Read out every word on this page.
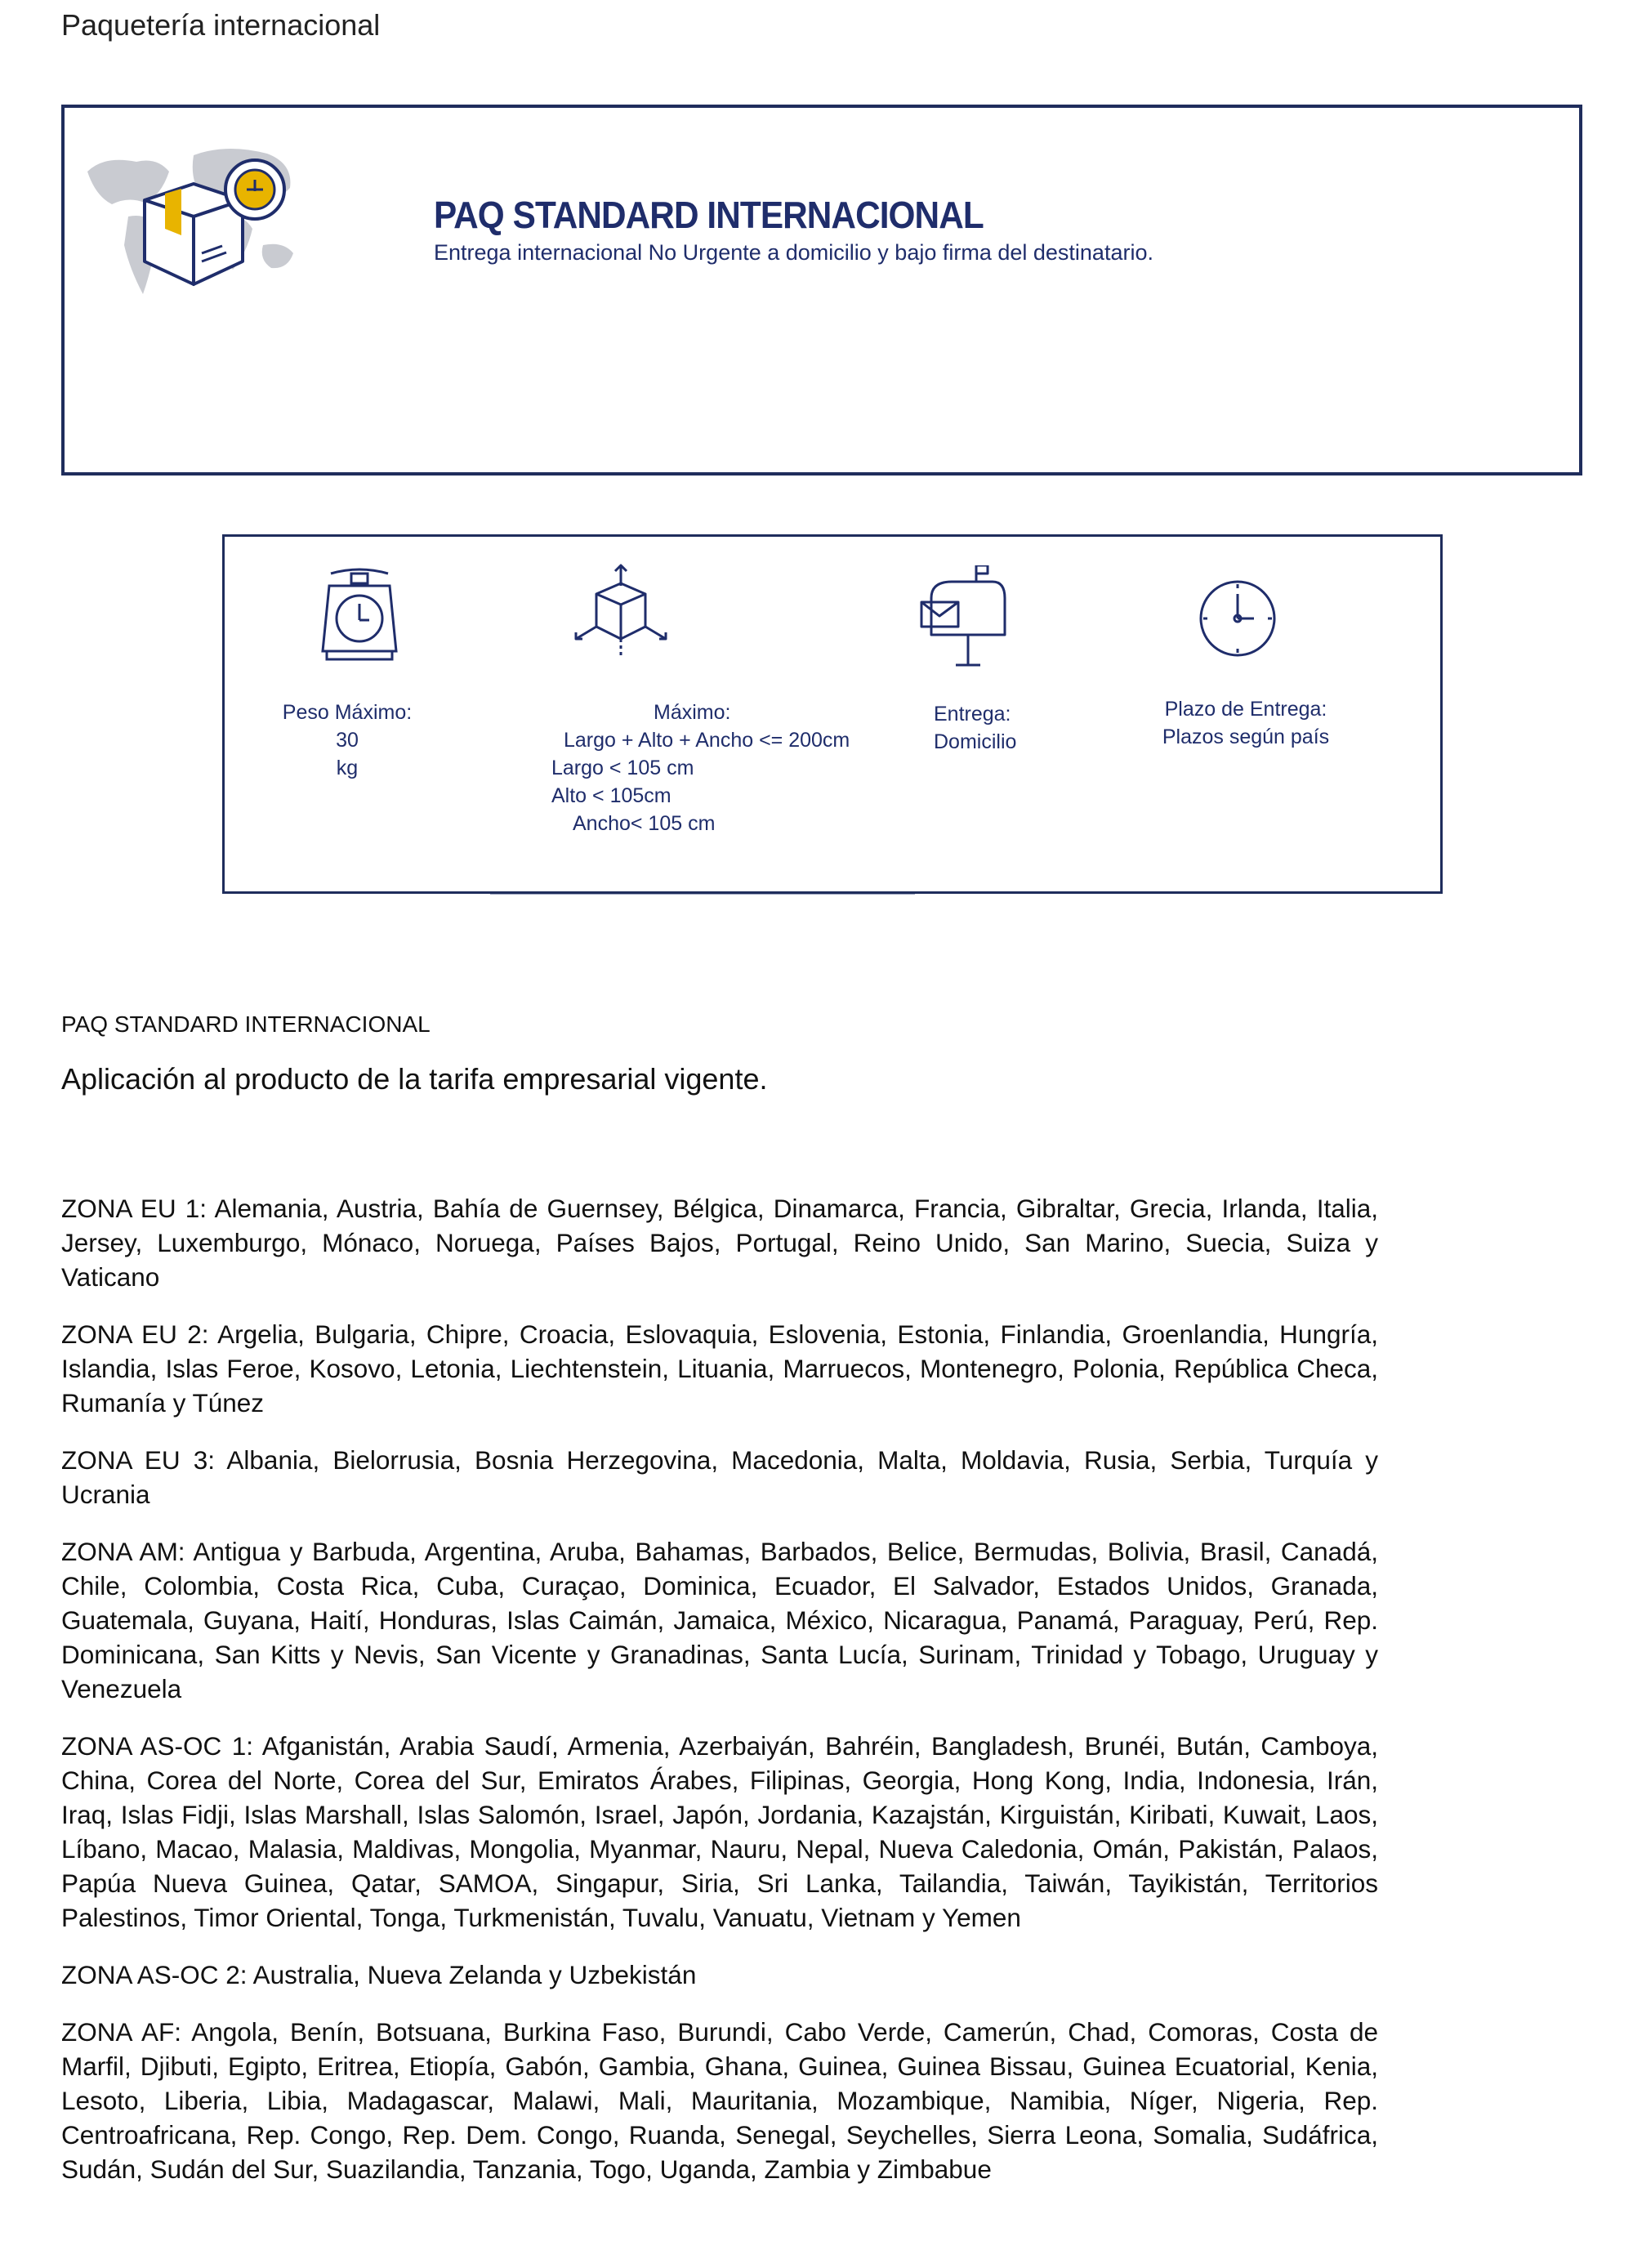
Paquetería internacional
PAQ STANDARD INTERNACIONAL
Entrega internacional No Urgente a domicilio y bajo firma del destinatario.
Peso Máximo: 30
kg
Máximo:
Largo + Alto + Ancho <= 200cm
Largo < 105 cm
Alto < 105cm
Ancho< 105 cm
Entrega:
Domicilio
Plazo de Entrega:
Plazos según país
PAQ STANDARD INTERNACIONAL
Aplicación al producto de la tarifa empresarial vigente.

ZONA EU 1: Alemania, Austria, Bahía de Guernsey, Bélgica, Dinamarca, Francia, Gibraltar, Grecia, Irlanda, Italia, Jersey, Luxemburgo, Mónaco, Noruega, Países Bajos, Portugal, Reino Unido, San Marino, Suecia, Suiza y Vaticano

ZONA EU 2: Argelia, Bulgaria, Chipre, Croacia, Eslovaquia, Eslovenia, Estonia, Finlandia, Groenlandia, Hungría, Islandia, Islas Feroe, Kosovo, Letonia, Liechtenstein, Lituania, Marruecos, Montenegro, Polonia, República Checa, Rumanía y Túnez

ZONA EU 3: Albania, Bielorrusia, Bosnia Herzegovina, Macedonia, Malta, Moldavia, Rusia, Serbia, Turquía y Ucrania

ZONA AM: Antigua y Barbuda, Argentina, Aruba, Bahamas, Barbados, Belice, Bermudas, Bolivia, Brasil, Canadá, Chile, Colombia, Costa Rica, Cuba, Curaçao, Dominica, Ecuador, El Salvador, Estados Unidos, Granada, Guatemala, Guyana, Haití, Honduras, Islas Caimán, Jamaica, México, Nicaragua, Panamá, Paraguay, Perú, Rep. Dominicana, San Kitts y Nevis, San Vicente y Granadinas, Santa Lucía, Surinam, Trinidad y Tobago, Uruguay y Venezuela

ZONA AS-OC 1: Afganistán, Arabia Saudí, Armenia, Azerbaiyán, Bahréin, Bangladesh, Brunéi, Bután, Camboya, China, Corea del Norte, Corea del Sur, Emiratos Árabes, Filipinas, Georgia, Hong Kong, India, Indonesia, Irán, Iraq, Islas Fidji, Islas Marshall, Islas Salomón, Israel, Japón, Jordania, Kazajstán, Kirguistán, Kiribati, Kuwait, Laos, Líbano, Macao, Malasia, Maldivas, Mongolia, Myanmar, Nauru, Nepal, Nueva Caledonia, Omán, Pakistán, Palaos, Papúa Nueva Guinea, Qatar, SAMOA, Singapur, Siria, Sri Lanka, Tailandia, Taiwán, Tayikistán, Territorios Palestinos, Timor Oriental, Tonga, Turkmenistán, Tuvalu, Vanuatu, Vietnam y Yemen

ZONA AS-OC 2: Australia, Nueva Zelanda y Uzbekistán

ZONA AF: Angola, Benín, Botsuana, Burkina Faso, Burundi, Cabo Verde, Camerún, Chad, Comoras, Costa de Marfil, Djibuti, Egipto, Eritrea, Etiopía, Gabón, Gambia, Ghana, Guinea, Guinea Bissau, Guinea Ecuatorial, Kenia, Lesoto, Liberia, Libia, Madagascar, Malawi, Mali, Mauritania, Mozambique, Namibia, Níger, Nigeria, Rep. Centroafricana, Rep. Congo, Rep. Dem. Congo, Ruanda, Senegal, Seychelles, Sierra Leona, Somalia, Sudáfrica, Sudán, Sudán del Sur, Suazilandia, Tanzania, Togo, Uganda, Zambia y Zimbabue
